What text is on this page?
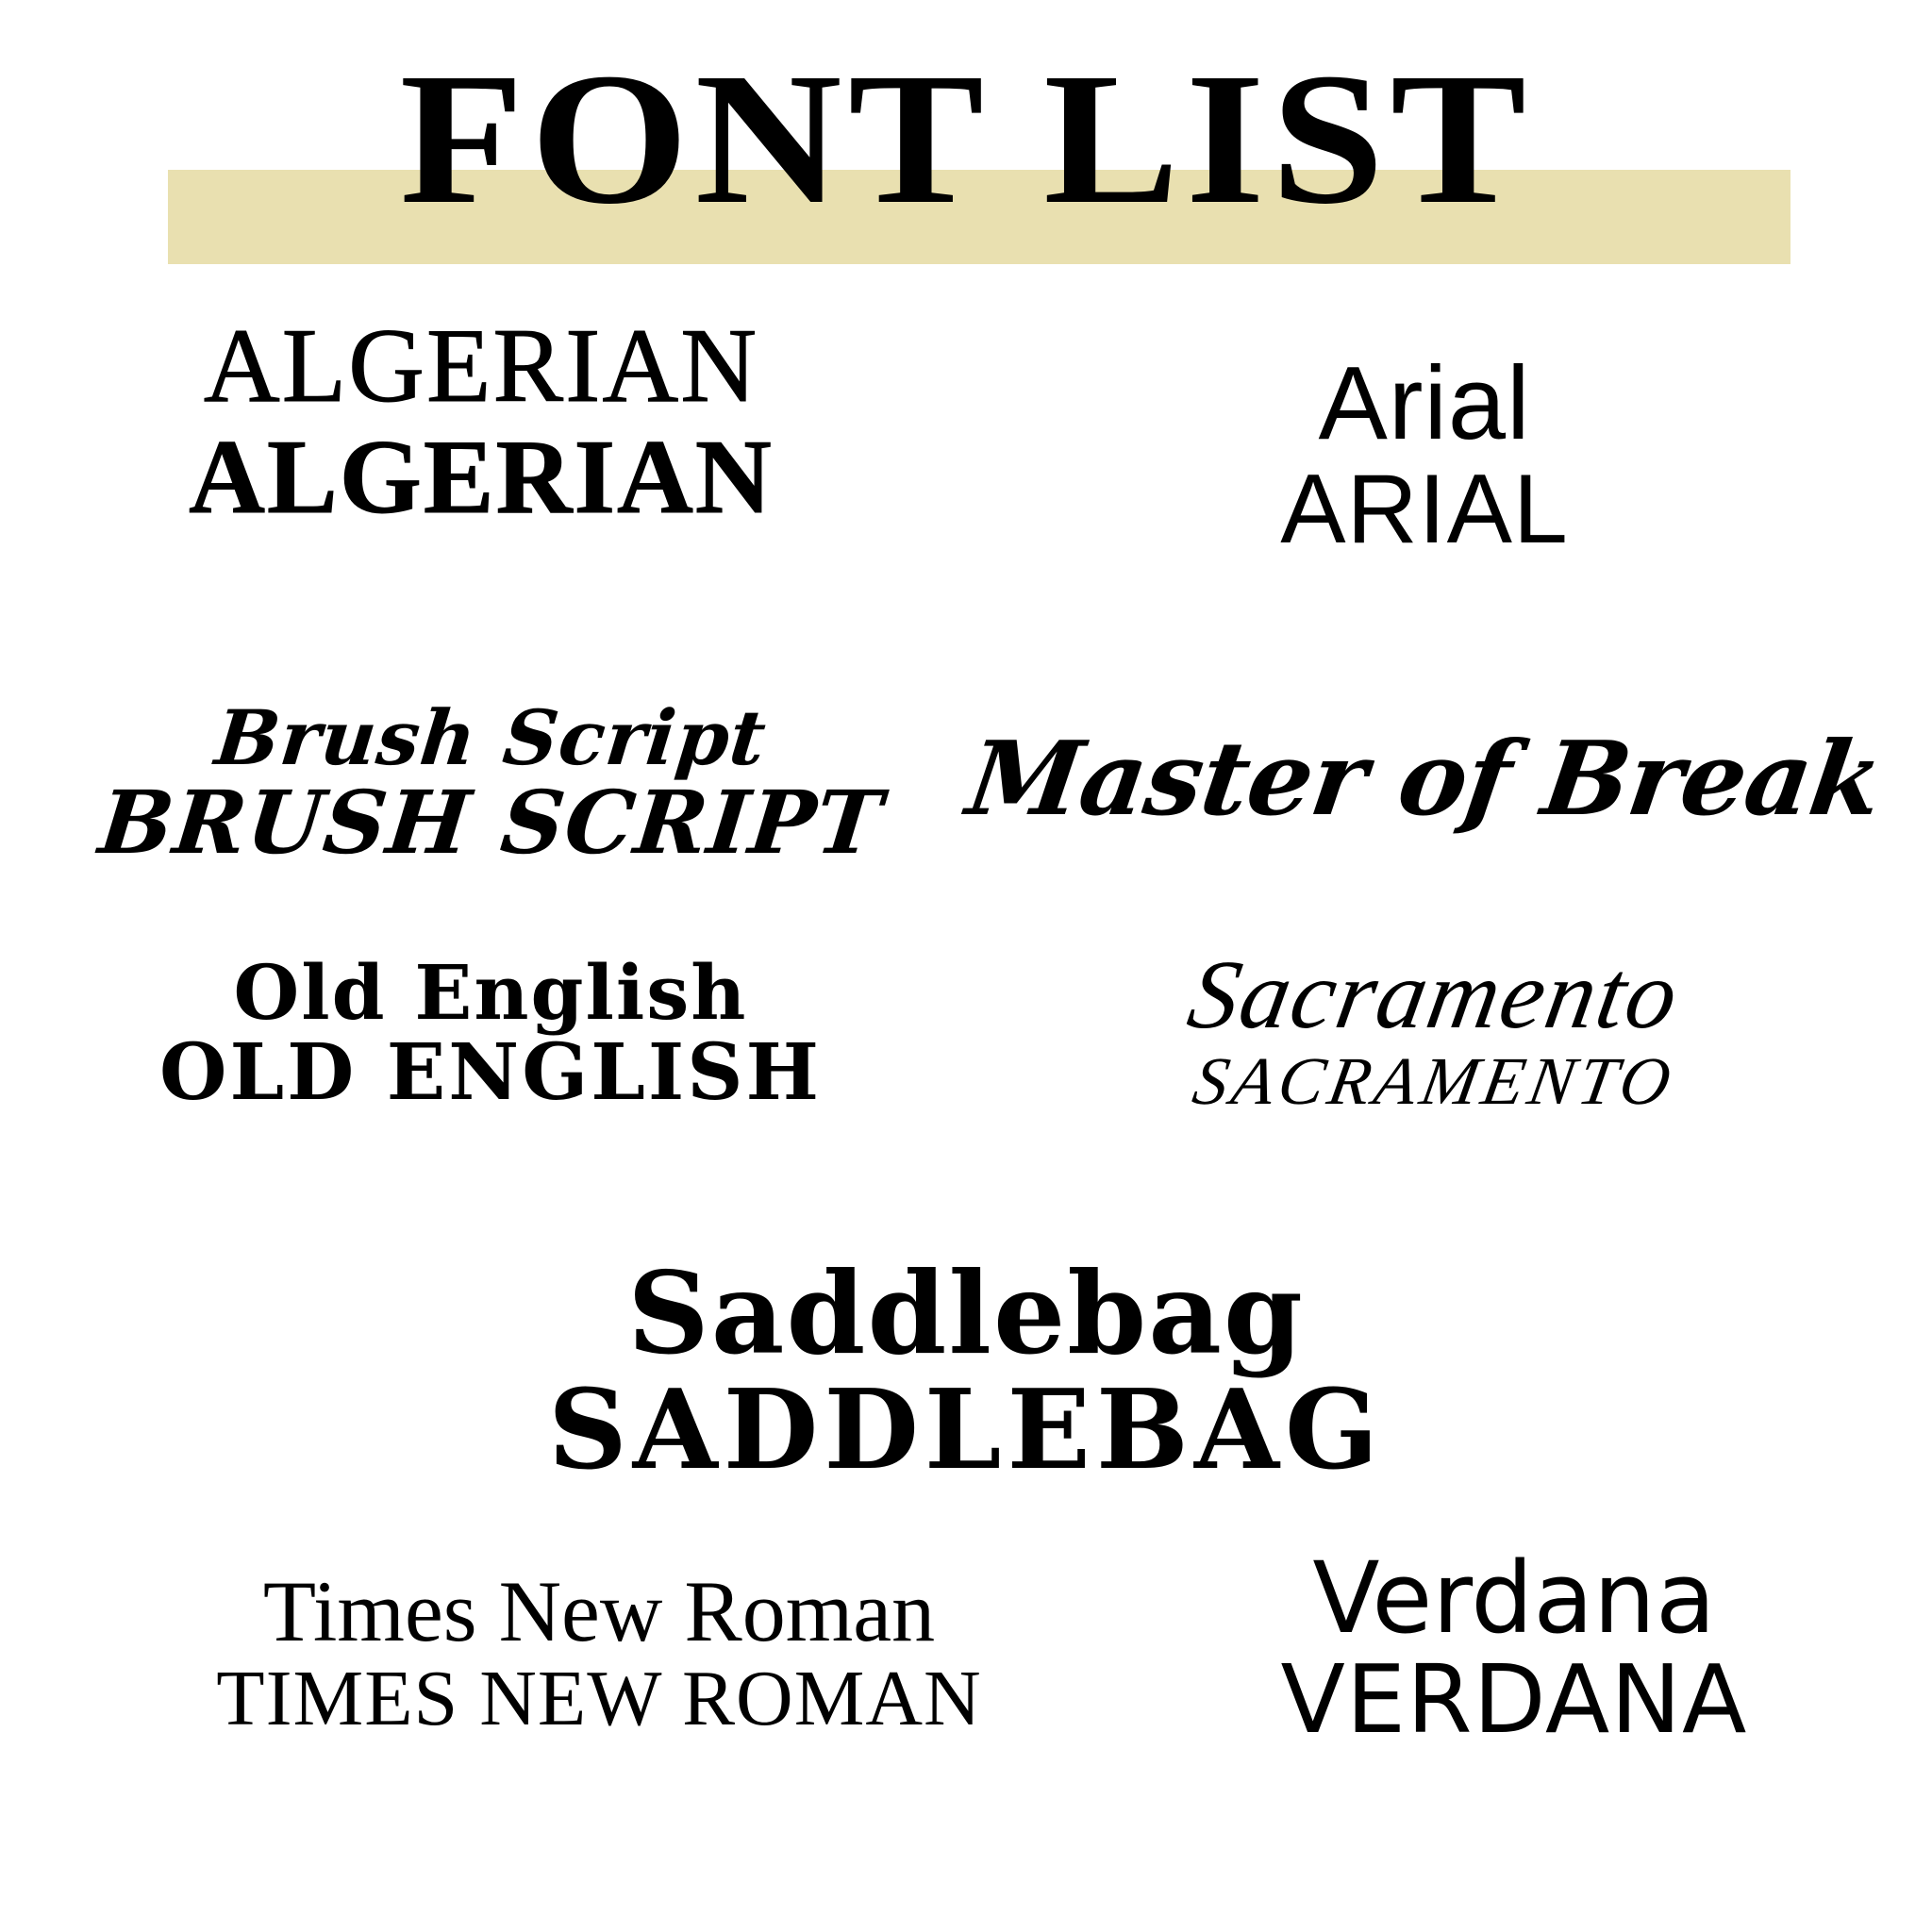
FONT LIST
ALGERIAN
ALGERIAN
Arial
ARIAL
Brush Script BRUSH SCRIPT Master of Break
Old English
OLD ENGLISH
Sacramento SACRAMENTO
Saddlebag
SADDLEBAG
Times New Roman
TIMES NEW ROMAN
Verdana
VERDANA
